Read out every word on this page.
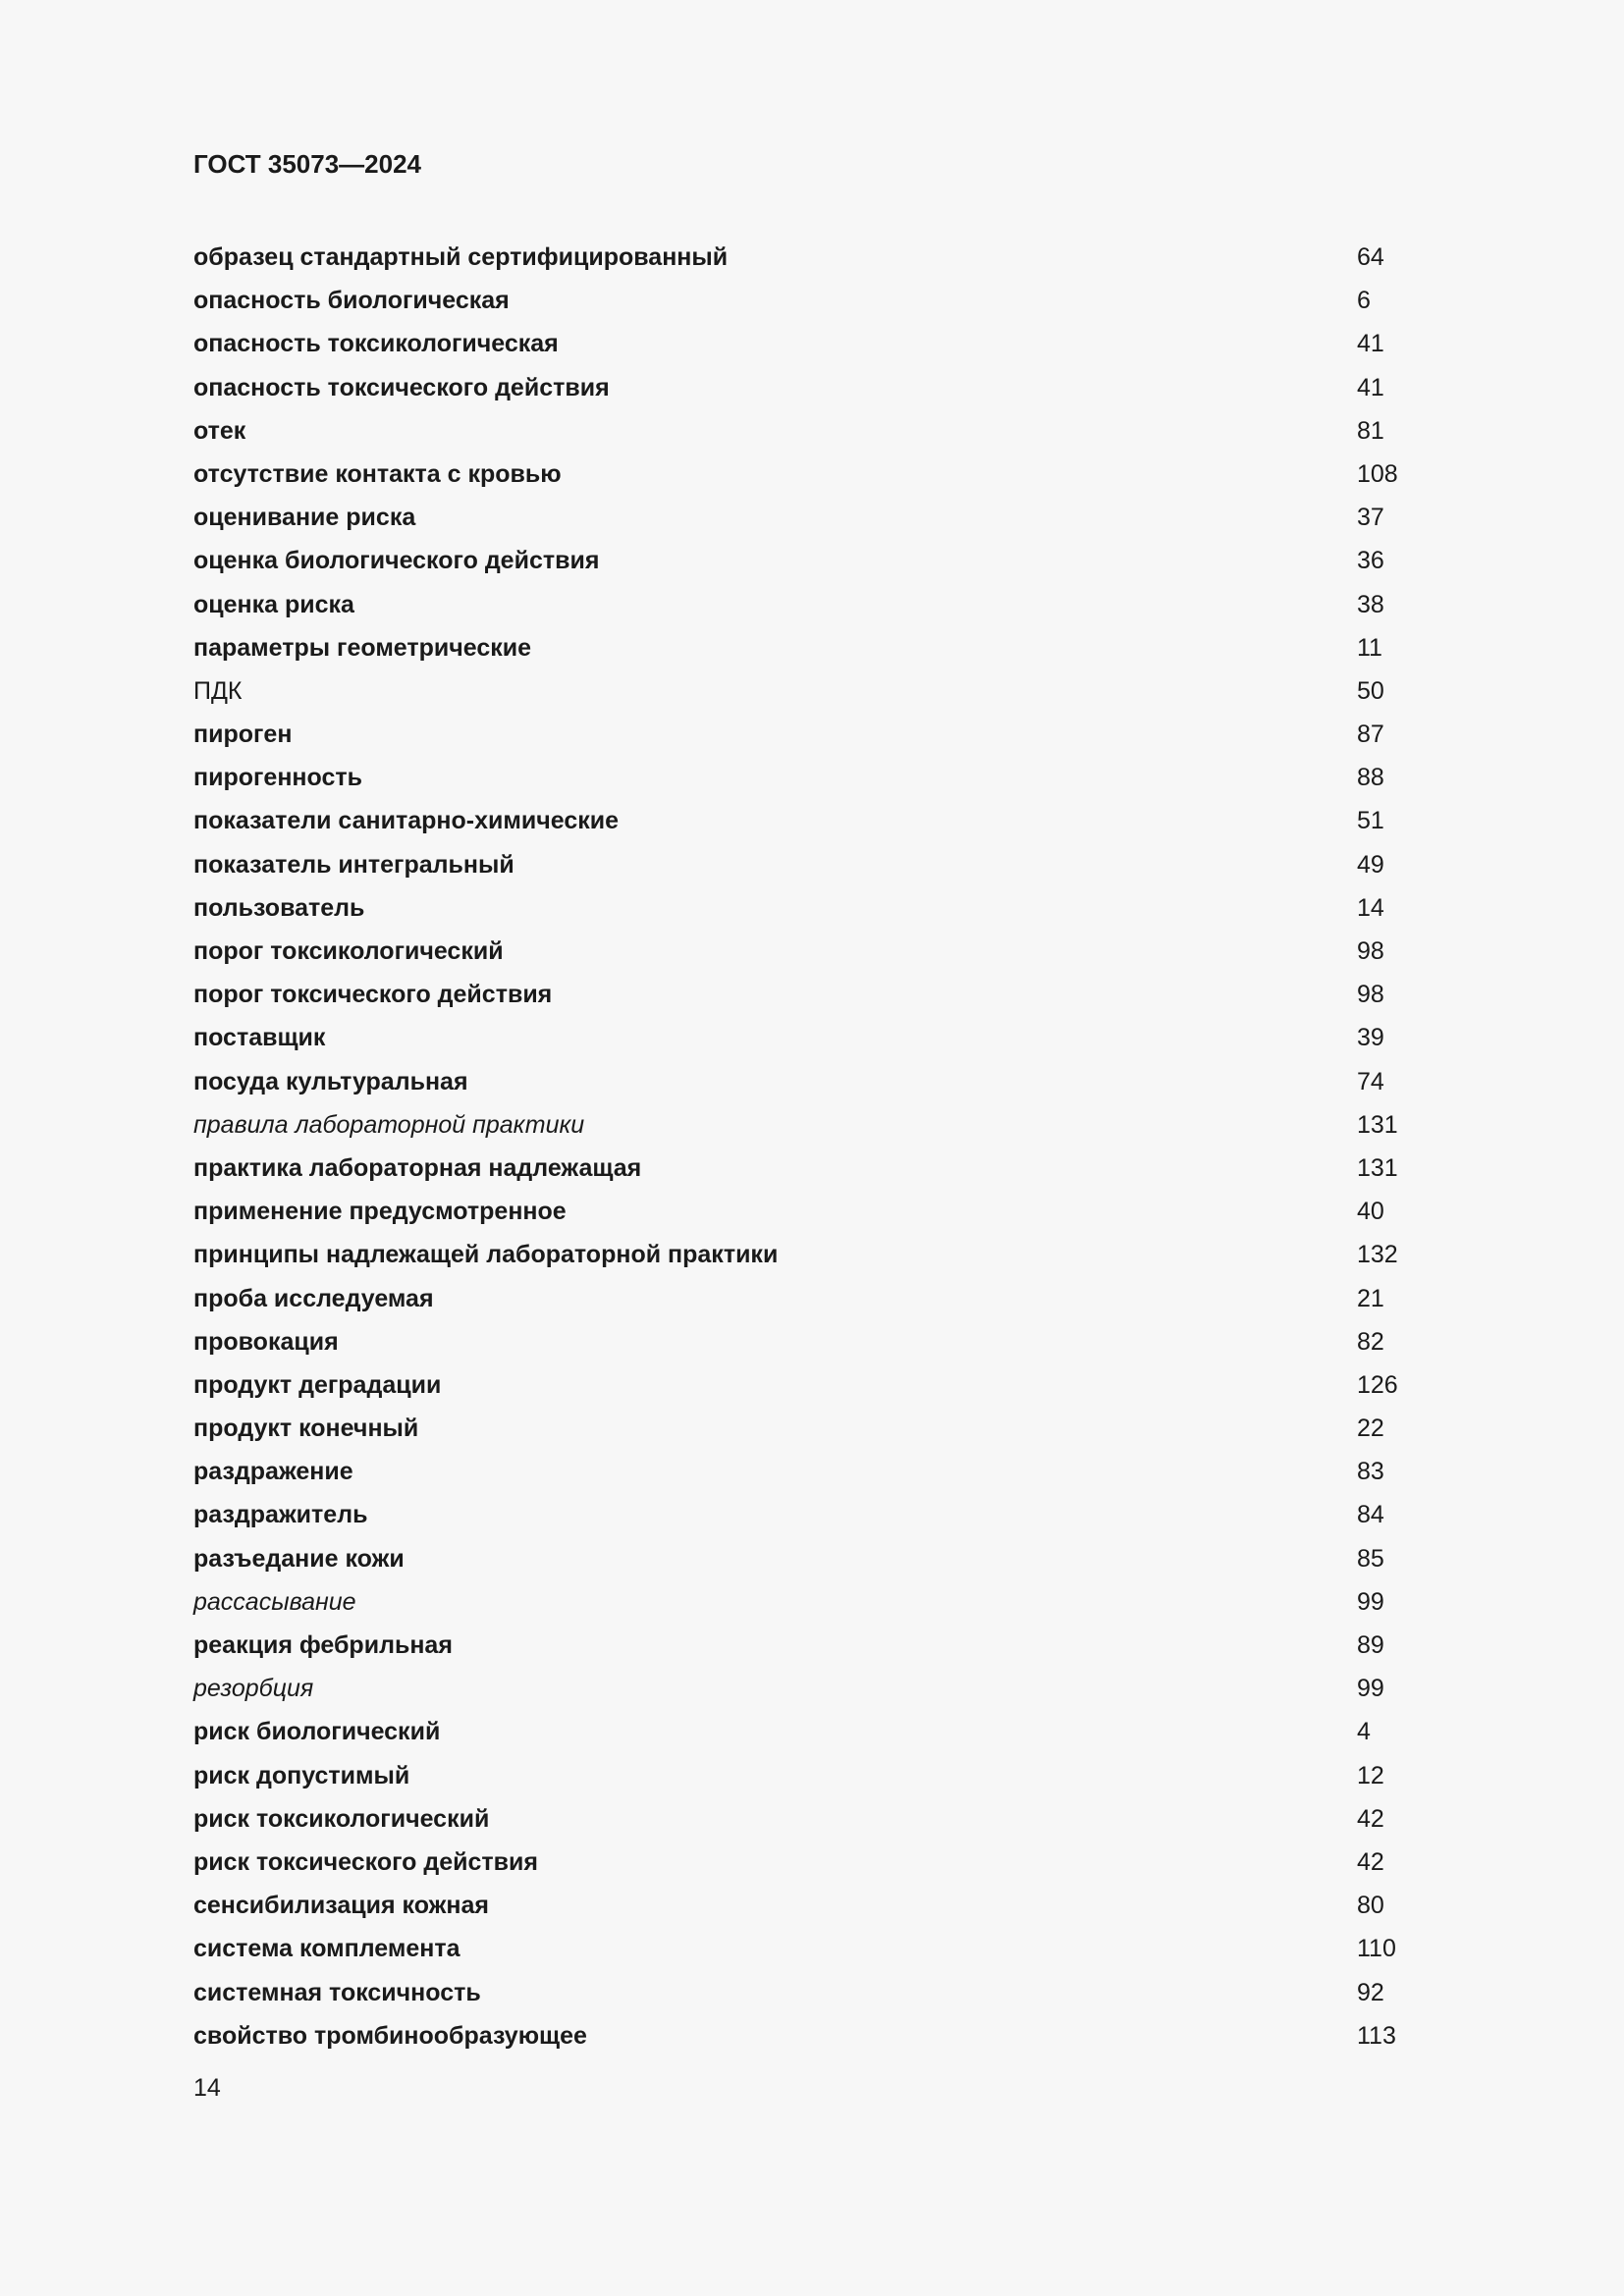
ГОСТ 35073—2024
образец стандартный сертифицированный	64
опасность биологическая	6
опасность токсикологическая	41
опасность токсического действия	41
отек	81
отсутствие контакта с кровью	108
оценивание риска	37
оценка биологического действия	36
оценка риска	38
параметры геометрические	11
ПДК	50
пироген	87
пирогенность	88
показатели санитарно-химические	51
показатель интегральный	49
пользователь	14
порог токсикологический	98
порог токсического действия	98
поставщик	39
посуда культуральная	74
правила лабораторной практики	131
практика лабораторная надлежащая	131
применение предусмотренное	40
принципы надлежащей лабораторной практики	132
проба исследуемая	21
провокация	82
продукт деградации	126
продукт конечный	22
раздражение	83
раздражитель	84
разъедание кожи	85
рассасывание	99
реакция фебрильная	89
резорбция	99
риск биологический	4
риск допустимый	12
риск токсикологический	42
риск токсического действия	42
сенсибилизация кожная	80
система комплемента	110
системная токсичность	92
свойство тромбинообразующее	113
14
